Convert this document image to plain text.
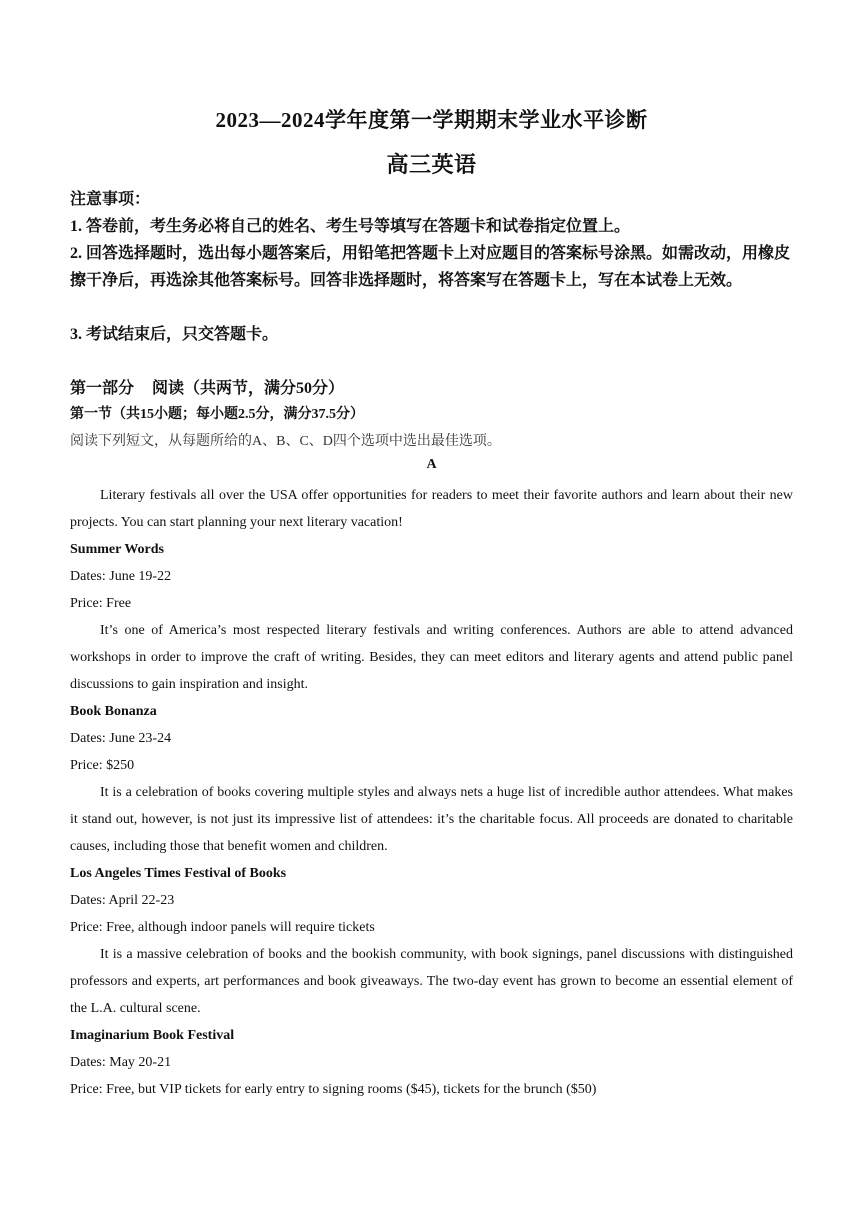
2023—2024学年度第一学期期末学业水平诊断
高三英语
注意事项：
1. 答卷前，考生务必将自己的姓名、考生号等填写在答题卡和试卷指定位置上。
2. 回答选择题时，选出每小题答案后，用铅笔把答题卡上对应题目的答案标号涂黑。如需改动，用橡皮擦干净后，再选涂其他答案标号。回答非选择题时，将答案写在答题卡上，写在本试卷上无效。
3. 考试结束后，只交答题卡。
第一部分 阅读（共两节，满分50分）
第一节（共15小题；每小题2.5分，满分37.5分）
阅读下列短文，从每题所给的A、B、C、D四个选项中选出最佳选项。
A

Literary festivals all over the USA offer opportunities for readers to meet their favorite authors and learn about their new projects. You can start planning your next literary vacation!

Summer Words
Dates: June 19-22
Price: Free

It’s one of America’s most respected literary festivals and writing conferences. Authors are able to attend advanced workshops in order to improve the craft of writing. Besides, they can meet editors and literary agents and attend public panel discussions to gain inspiration and insight.

Book Bonanza
Dates: June 23-24
Price: $250

It is a celebration of books covering multiple styles and always nets a huge list of incredible author attendees. What makes it stand out, however, is not just its impressive list of attendees: it’s the charitable focus. All proceeds are donated to charitable causes, including those that benefit women and children.

Los Angeles Times Festival of Books
Dates: April 22-23
Price: Free, although indoor panels will require tickets

It is a massive celebration of books and the bookish community, with book signings, panel discussions with distinguished professors and experts, art performances and book giveaways. The two-day event has grown to become an essential element of the L.A. cultural scene.

Imaginarium Book Festival
Dates: May 20-21
Price: Free, but VIP tickets for early entry to signing rooms ($45), tickets for the brunch ($50)
